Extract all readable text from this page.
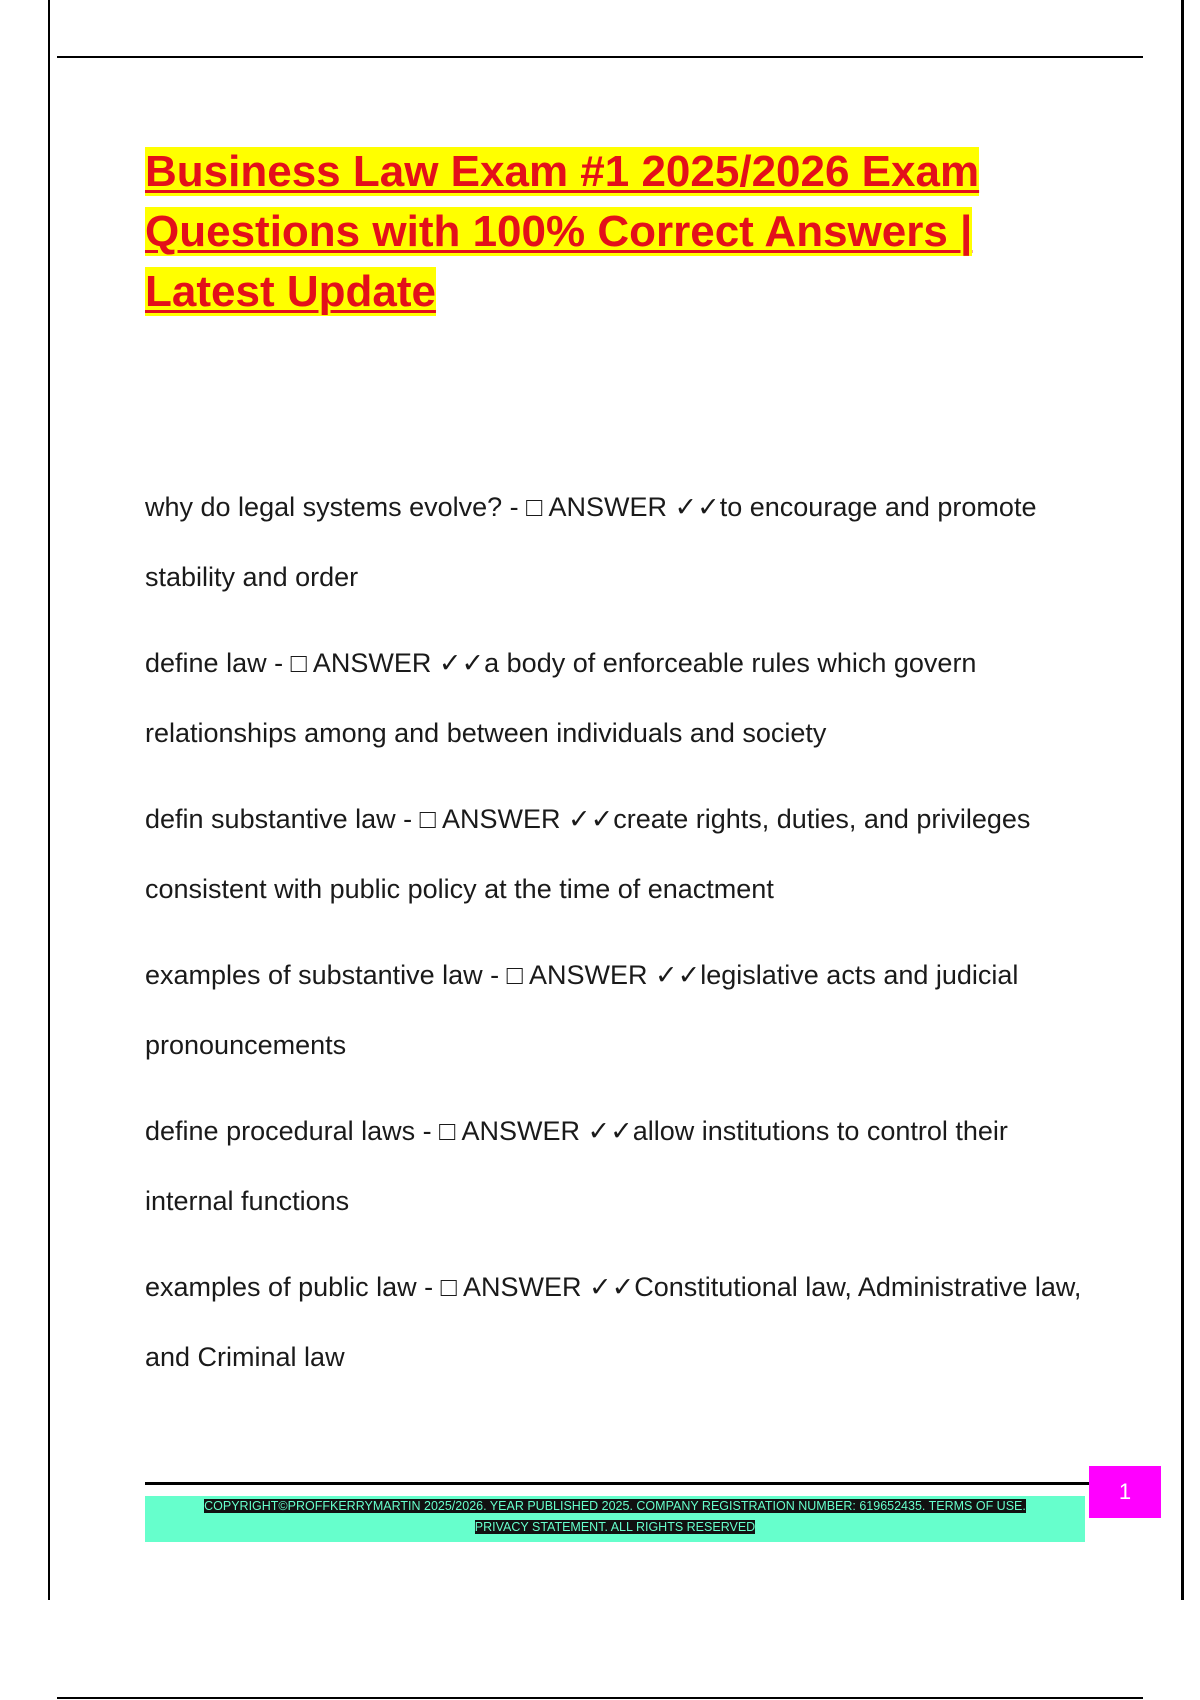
Business Law Exam #1 2025/2026 Exam Questions with 100% Correct Answers | Latest Update

why do legal systems evolve? - □ ANSWER ✓✓to encourage and promote stability and order

define law - □ ANSWER ✓✓a body of enforceable rules which govern relationships among and between individuals and society

defin substantive law - □ ANSWER ✓✓create rights, duties, and privileges consistent with public policy at the time of enactment

examples of substantive law - □ ANSWER ✓✓legislative acts and judicial pronouncements

define procedural laws - □ ANSWER ✓✓allow institutions to control their internal functions

examples of public law - □ ANSWER ✓✓Constitutional law, Administrative law, and Criminal law

COPYRIGHT©PROFFKERRYMARTIN 2025/2026. YEAR PUBLISHED 2025. COMPANY REGISTRATION NUMBER: 619652435. TERMS OF USE.
PRIVACY STATEMENT. ALL RIGHTS RESERVED
1
